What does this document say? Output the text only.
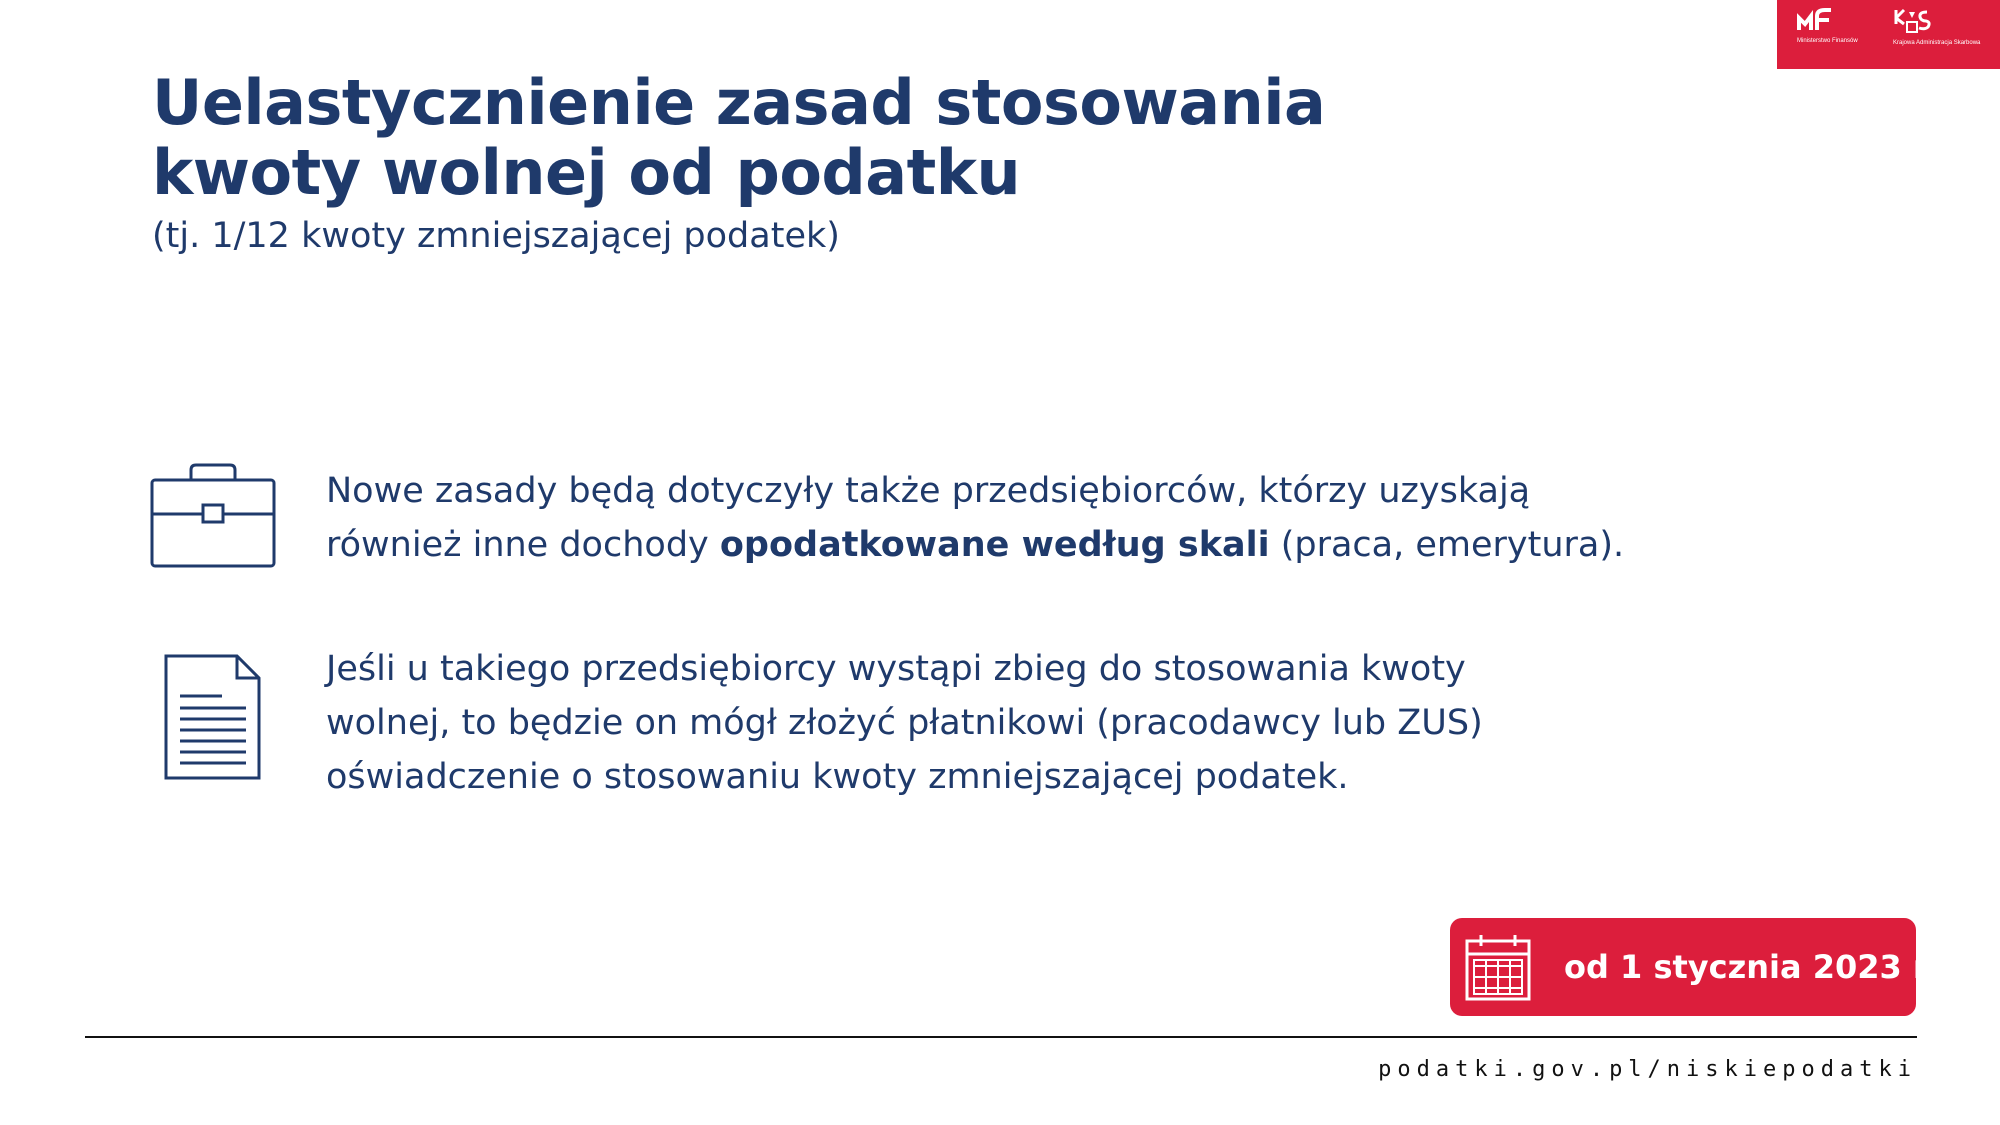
Ministerstwo Finansów	Krajowa Administracja Skarbowa
Uelastycznienie zasad stosowania
kwoty wolnej od podatku

(tj. 1/12 kwoty zmniejszającej podatek)

Nowe zasady będą dotyczyły także przedsiębiorców, którzy uzyskają
również inne dochody opodatkowane według skali (praca, emerytura).

Jeśli u takiego przedsiębiorcy wystąpi zbieg do stosowania kwoty wolnej, to będzie on mógł złożyć płatnikowi (pracodawcy lub ZUS) oświadczenie o stosowaniu kwoty zmniejszającej podatek.

od 1 stycznia 2023 r.
podatki.gov.pl/niskiepodatki
